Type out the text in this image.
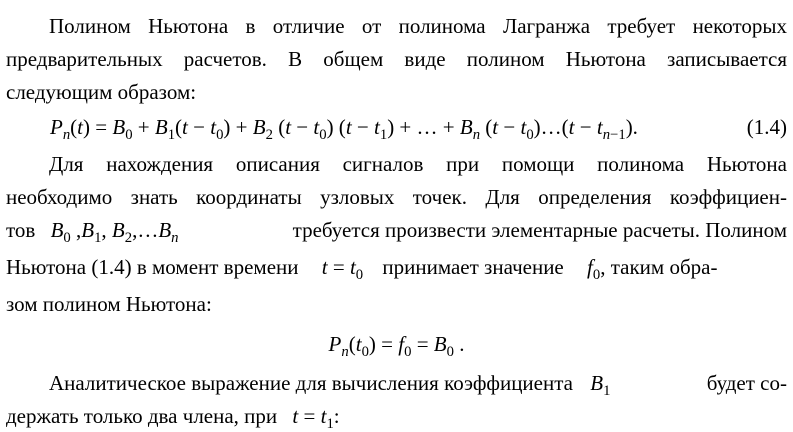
Полином Ньютона в отличие от полинома Лагранжа требует некоторых
предварительных расчетов. В общем виде полином Ньютона записывается
следующим образом:
$P_n(t) = B_0 + B_1(t - t_0) + B_2$ $(t - t_0)$ $(t - t_1)$ + … + $B_n$ $(t - t_0)\dots(t - t_{n-1})$.	(1.4)
Для нахождения описания сигналов при помощи полинома Ньютона
необходимо знать координаты узловых точек. Для определения коэффициен-
тов $B_0$ $,B_1$, $B_2,\dots B_n$	требуется произвести элементарные расчеты. Полином
Ньютона (1.4) в момент времени $t = t_0$ принимает значение $f_0$, таким обра-
зом полином Ньютона:
$P_n(t_0) = f_0 = B_0$ .
Аналитическое выражение для вычисления коэффициента $B_1$	будет со-
держать только два члена, при $t = t_1$:
